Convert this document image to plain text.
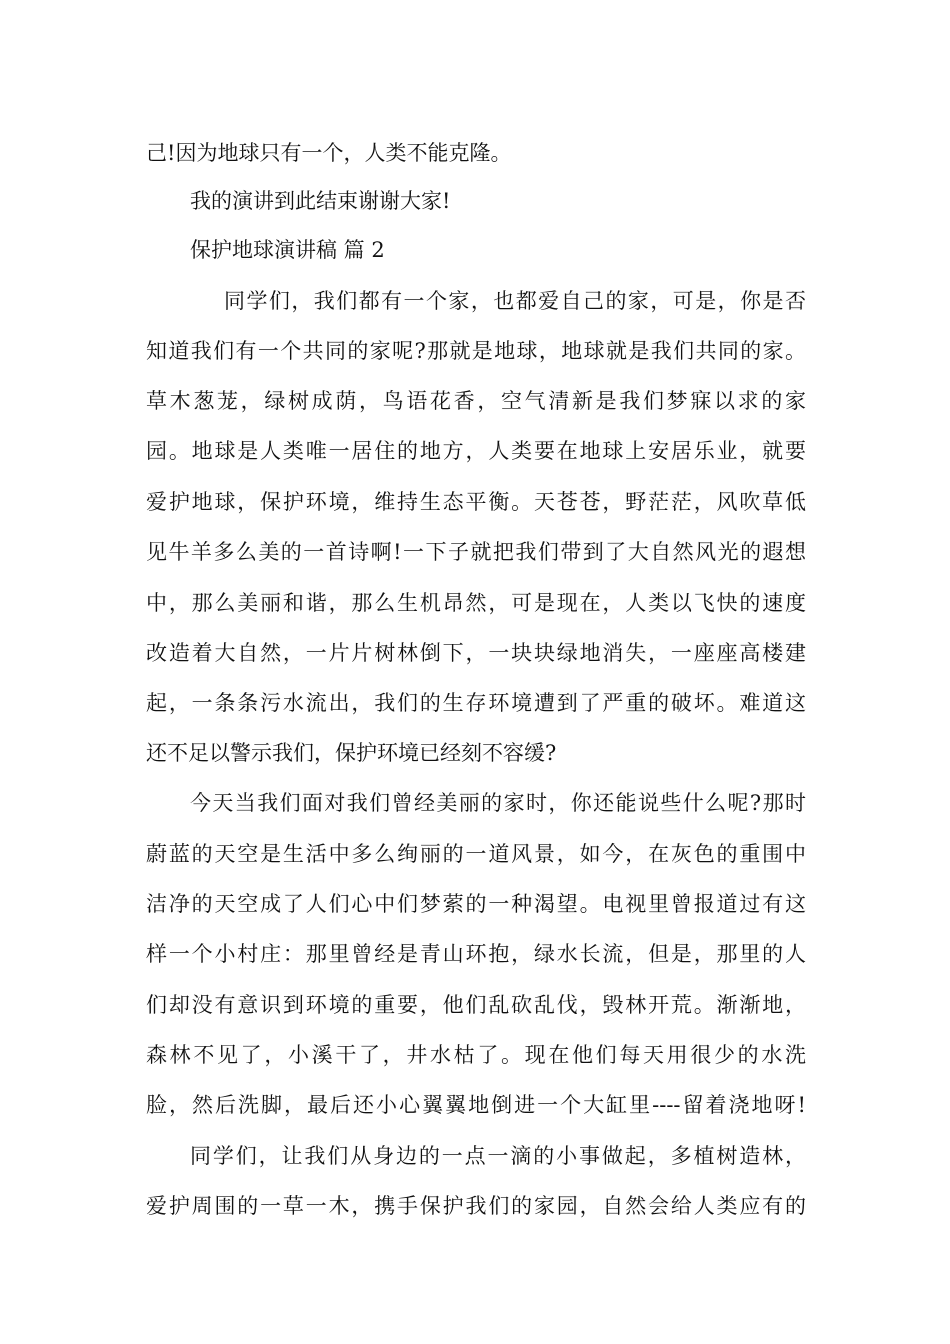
己!因为地球只有一个，人类不能克隆。
我的演讲到此结束谢谢大家!
保护地球演讲稿 篇 2
同学们，我们都有一个家，也都爱自己的家，可是，你是否
知道我们有一个共同的家呢?那就是地球，地球就是我们共同的家。
草木葱茏，绿树成荫，鸟语花香，空气清新是我们梦寐以求的家
园。地球是人类唯一居住的地方，人类要在地球上安居乐业，就要
爱护地球，保护环境，维持生态平衡。天苍苍，野茫茫，风吹草低
见牛羊多么美的一首诗啊!一下子就把我们带到了大自然风光的遐想
中，那么美丽和谐，那么生机昂然，可是现在，人类以飞快的速度
改造着大自然，一片片树林倒下，一块块绿地消失，一座座高楼建
起，一条条污水流出，我们的生存环境遭到了严重的破坏。难道这
还不足以警示我们，保护环境已经刻不容缓?
今天当我们面对我们曾经美丽的家时，你还能说些什么呢?那时
蔚蓝的天空是生活中多么绚丽的一道风景，如今，在灰色的重围中
洁净的天空成了人们心中们梦萦的一种渴望。电视里曾报道过有这
样一个小村庄：那里曾经是青山环抱，绿水长流，但是，那里的人
们却没有意识到环境的重要，他们乱砍乱伐，毁林开荒。渐渐地，
森林不见了，小溪干了，井水枯了。现在他们每天用很少的水洗
脸，然后洗脚，最后还小心翼翼地倒进一个大缸里----留着浇地呀!
同学们，让我们从身边的一点一滴的小事做起，多植树造林，
爱护周围的一草一木，携手保护我们的家园，自然会给人类应有的
